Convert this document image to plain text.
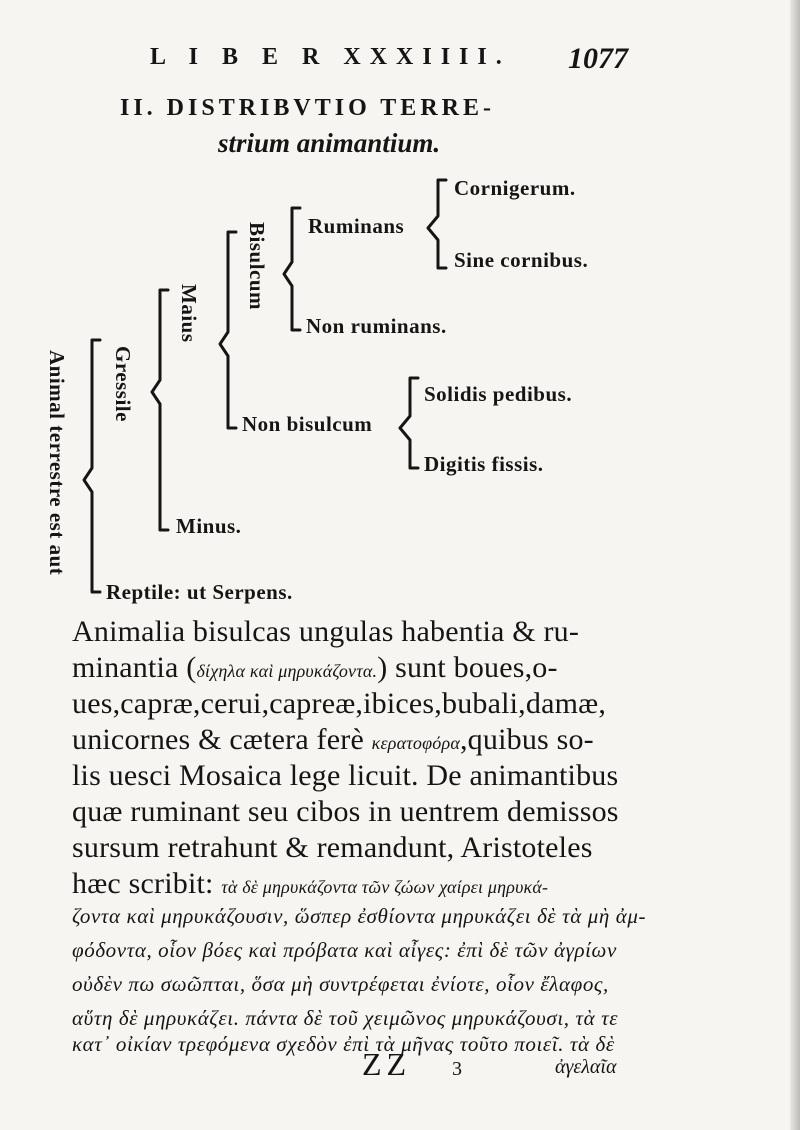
L I B E R XXXIIII. 1077
II. DISTRIBVTIO TERRE-
strium animantium.
Animal terrestre est aut Gressile
Maius
Bisulcum Ruminans
Cornigerum.
Sine cornibus.
Non ruminans.
Non bisulcum
Solidis pedibus.
Digitis fissis.
Minus.
Reptile: ut Serpens.
Animalia bisulcas ungulas habentia & ru-
minantia (δίχηλα καὶ μηρυκάζοντα.) sunt boues,o-
ues,capræ,cerui,capreæ,ibices,bubali,damæ,
unicornes & cætera ferè κερατοφόρα,quibus so-
lis uesci Mosaica lege licuit. De animantibus
quæ ruminant seu cibos in uentrem demissos
sursum retrahunt & remandunt, Aristoteles
hæc scribit: τὰ δὲ μηρυκάζοντα τῶν ζώων χαίρει μηρυκά-
ζοντα καὶ μηρυκάζουσιν, ὥσπερ ἐσθίοντα μηρυκάζει δὲ τὰ μὴ ἀμ-
φόδοντα, οἷον βόες καὶ πρόβατα καὶ αἶγες: ἐπὶ δὲ τῶν ἀγρίων
οὐδὲν πω σωῶπται, ὅσα μὴ συντρέφεται ἐνίοτε, οἷον ἔλαφος,
αὕτη δὲ μηρυκάζει. πάντα δὲ τοῦ χειμῶνος μηρυκάζουσι, τὰ τε
κατ᾽ οἰκίαν τρεφόμενα σχεδὸν ἐπὶ τὰ μῆνας τοῦτο ποιεῖ. τὰ δὲ
ZZ 3	ἀγελαῖα
